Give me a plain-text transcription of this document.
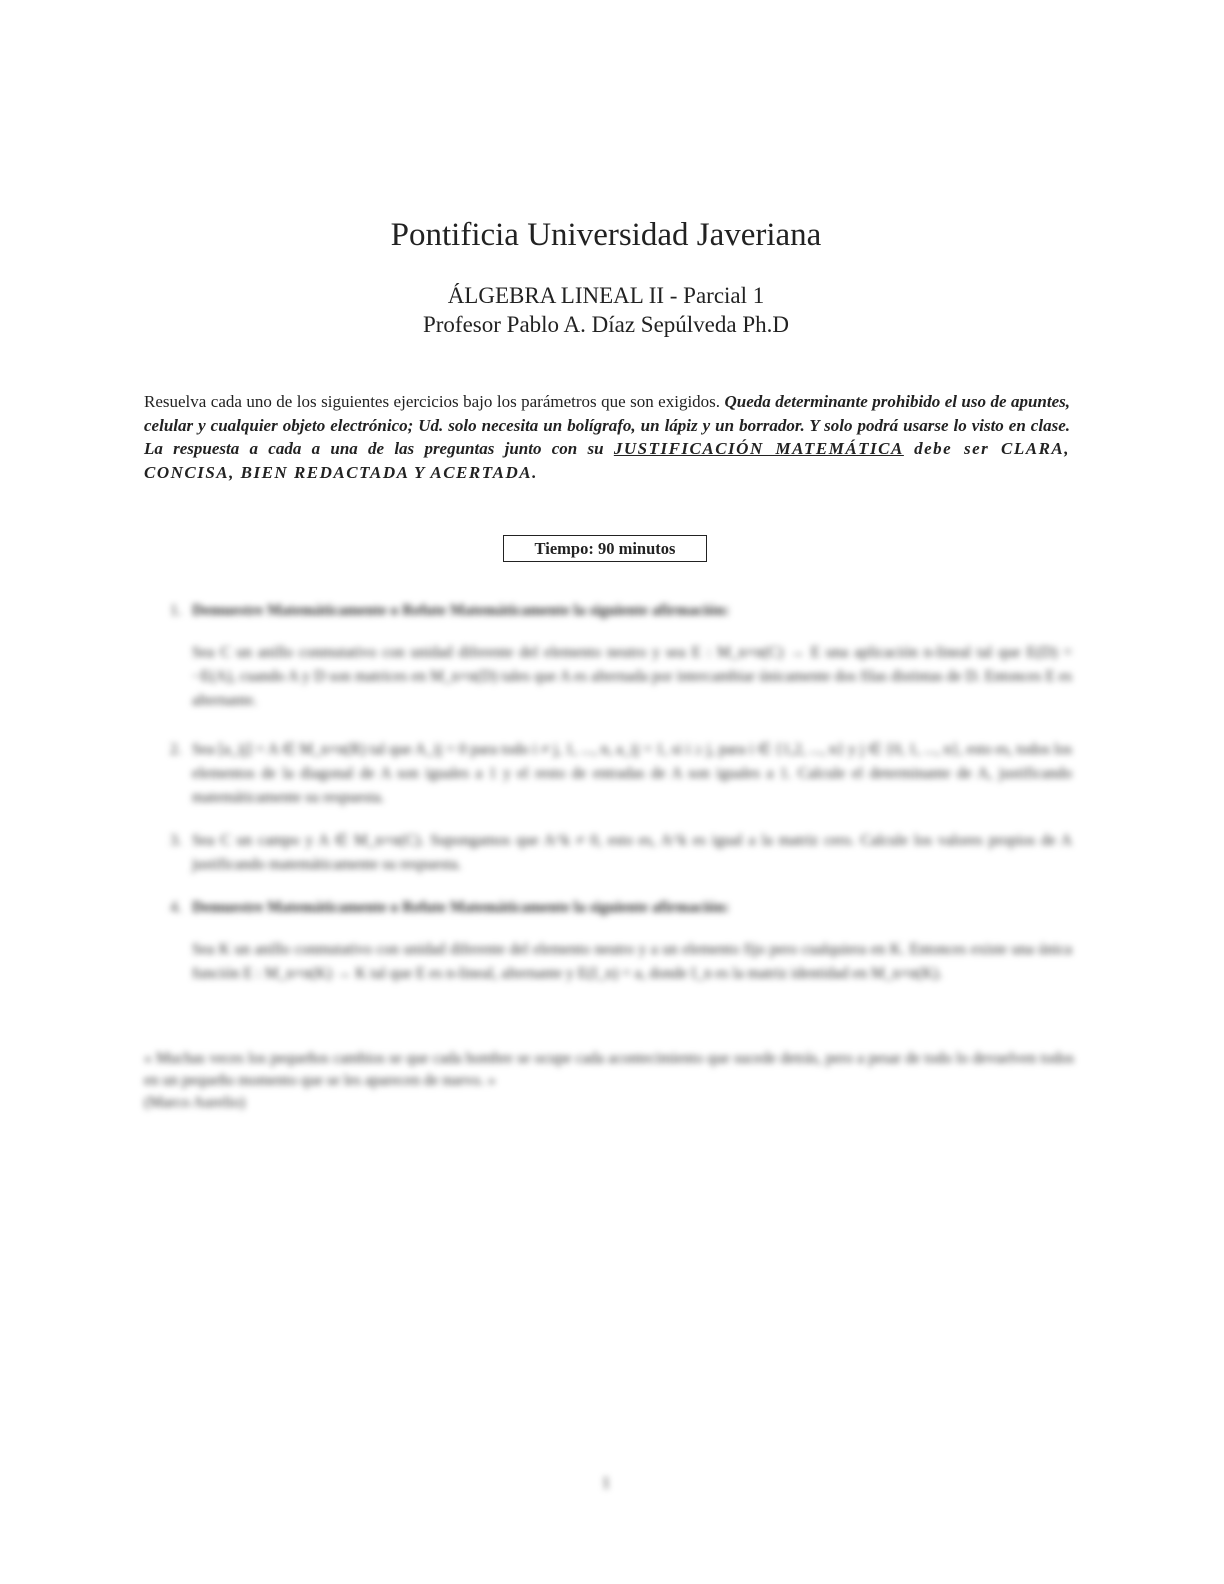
Pontificia Universidad Javeriana
ÁLGEBRA LINEAL II - Parcial 1
Profesor Pablo A. Díaz Sepúlveda Ph.D
Resuelva cada uno de los siguientes ejercicios bajo los parámetros que son exigidos. Queda determinante prohibido el uso de apuntes, celular y cualquier objeto electrónico; Ud. solo necesita un bolígrafo, un lápiz y un borrador. Y solo podrá usarse lo visto en clase. La respuesta a cada a una de las preguntas junto con su JUSTIFICACIÓN MATEMÁTICA debe ser CLARA, CONCISA, BIEN REDACTADA Y ACERTADA.
Tiempo: 90 minutos
1. Demuestre Matemáticamente o Refute Matemáticamente la siguiente afirmación:
Sea C un anillo conmutativo con unidad diferente del elemento neutro y sea E : M_n×n(C) → E una aplicación n-lineal tal que E(D) = −E(A), cuando A y D son matrices en M_n×n(D) tales que A es alternada por intercambiar únicamente dos filas distintas de D. Entonces E es alternante.
2. Sea [a_ij] = A ∈ M_n×n(R) tal que A_ij = 0 para todo i ≠ j, 1, ..., n, a_ij = 1, si i ≥ j, para i ∈ {1,2, ..., n} y j ∈ {0, 1, ..., n}, esto es, todos los elementos de la diagonal de A son iguales a 1 y el resto de entradas de A son iguales a 1. Calcule el determinante de A, justificando matemáticamente su respuesta.
3. Sea C un campo y A ∈ M_n×n(C). Supongamos que A^k ≠ 0, esto es, A^k es igual a la matriz cero. Calcule los valores propios de A justificando matemáticamente su respuesta.
4. Demuestre Matemáticamente o Refute Matemáticamente la siguiente afirmación:
Sea K un anillo conmutativo con unidad diferente del elemento neutro y a un elemento fijo pero cualquiera en K. Entonces existe una única función E : M_n×n(K) → K tal que E es n-lineal, alternante y E(I_n) = a, donde I_n es la matriz identidad en M_n×n(K).
« Muchas veces los pequeños cambios se que cada hombre se ocupe cada acontecimiento que sucede detrás, pero a pesar de todo lo devuelven todos en un pequeño momento que se les aparecen de nuevo. »
(Marco Aurelio)
1
